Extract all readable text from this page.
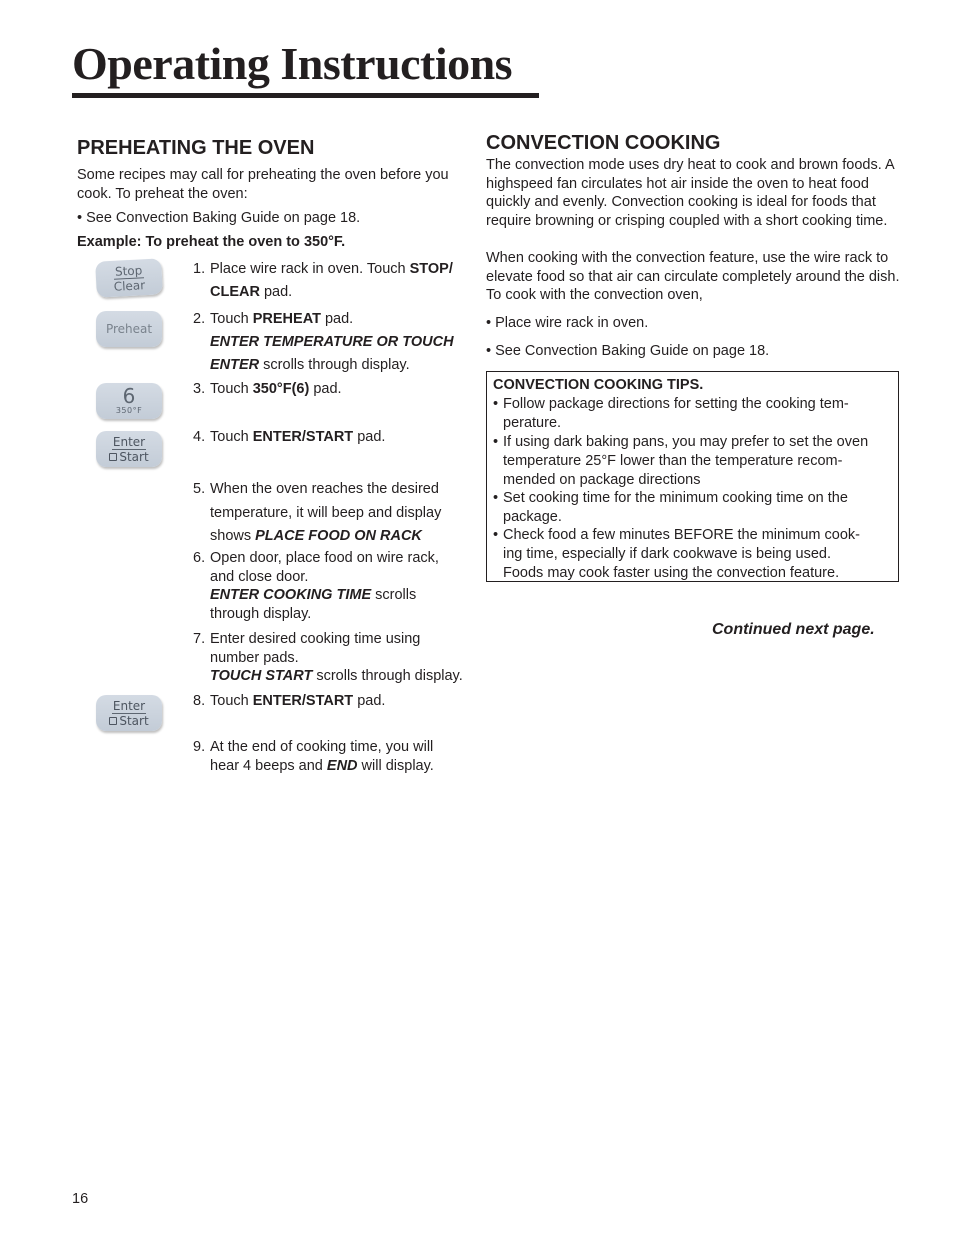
Operating Instructions
PREHEATING THE OVEN
Some recipes may call for preheating the oven before you cook. To preheat the oven:
• See Convection Baking Guide on page 18.
Example: To preheat the oven to 350°F.
Stop
Clear
Preheat
6
350°F
Enter
Start
Enter
Start
1. Place wire rack in oven. Touch STOP/
CLEAR pad.
2. Touch PREHEAT pad.
ENTER TEMPERATURE OR TOUCH
ENTER scrolls through display.
3. Touch 350°F(6) pad.
4. Touch ENTER/START pad.
5. When the oven reaches the desired
temperature, it will beep and display
shows PLACE FOOD ON RACK
6. Open door, place food on wire rack,
and close door.
ENTER COOKING TIME scrolls
through display.
7. Enter desired cooking time using
number pads.
TOUCH START scrolls through display.
8. Touch ENTER/START pad.
9. At the end of cooking time, you will
hear 4 beeps and END will display.
CONVECTION COOKING
The convection mode uses dry heat to cook and brown foods. A highspeed fan circulates hot air inside the oven to heat food quickly and evenly. Convection cooking is ideal for foods that require browning or crisping coupled with a short cooking time.
When cooking with the convection feature, use the wire rack to elevate food so that air can circulate completely around the dish. To cook with the convection oven,
• Place wire rack in oven.
• See Convection Baking Guide on page 18.
CONVECTION COOKING TIPS.
• Follow package directions for setting the cooking tem-
perature.
• If using dark baking pans, you may prefer to set the oven
temperature 25°F lower than the temperature recom-
mended on package directions
• Set cooking time for the minimum cooking time on the
package.
• Check food a few minutes BEFORE the minimum cook-
ing time, especially if dark cookwave is being used.
Foods may cook faster using the convection feature.
Continued next page.
16
